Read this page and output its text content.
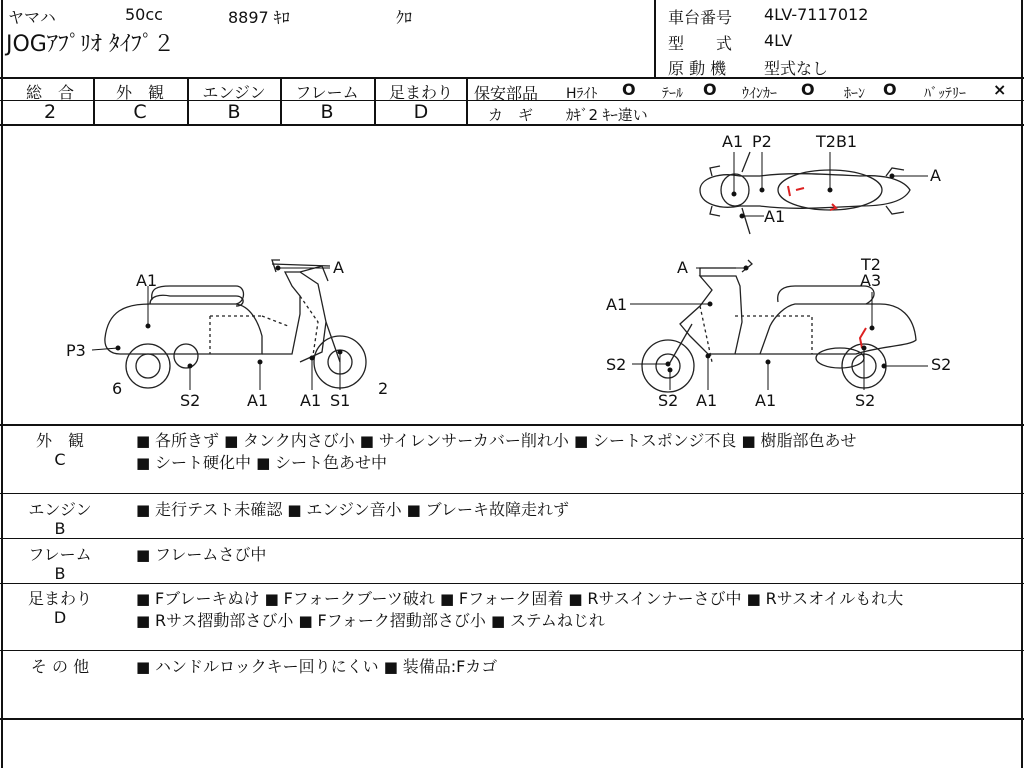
ヤマハ	50cc	8897 ｷﾛ	ｸﾛ
JOGｱﾌﾟﾘｵ ﾀｲﾌﾟ２
車台番号 4LV-7117012
型　　式 4LV
原 動 機 型式なし
総　合	外　観	エンジン	フレーム	足まわり
2	C	B	B	D
保安部品 Hﾗｲﾄ O ﾃｰﾙ O ｳｲﾝｶｰ O ﾎｰﾝ O ﾊﾞｯﾃﾘｰ ×
カ　ギ ｶｷﾞ2 ｷｰ違い
A1
A
P3
6
S2	A1 A1 S1
2
A	T2
A3
A1
S2
S2 A1 A1	S2
S2
A1 P2	T2B1
A
A1
外　観
C
■ 各所きず ■ タンク内さび小 ■ サイレンサーカバー削れ小 ■ シートスポンジ不良 ■ 樹脂部色あせ
■ シート硬化中 ■ シート色あせ中
エンジン
B
■ 走行テスト未確認 ■ エンジン音小 ■ ブレーキ故障走れず
フレーム
B
■ フレームさび中
足まわり
D
■ Fブレーキぬけ ■ Fフォークブーツ破れ ■ Fフォーク固着 ■ Rサスインナーさび中 ■ Rサスオイルもれ大
■ Rサス摺動部さび小 ■ Fフォーク摺動部さび小 ■ ステムねじれ
そ の 他	■ ハンドルロックキー回りにくい ■ 装備品:Fカゴ
